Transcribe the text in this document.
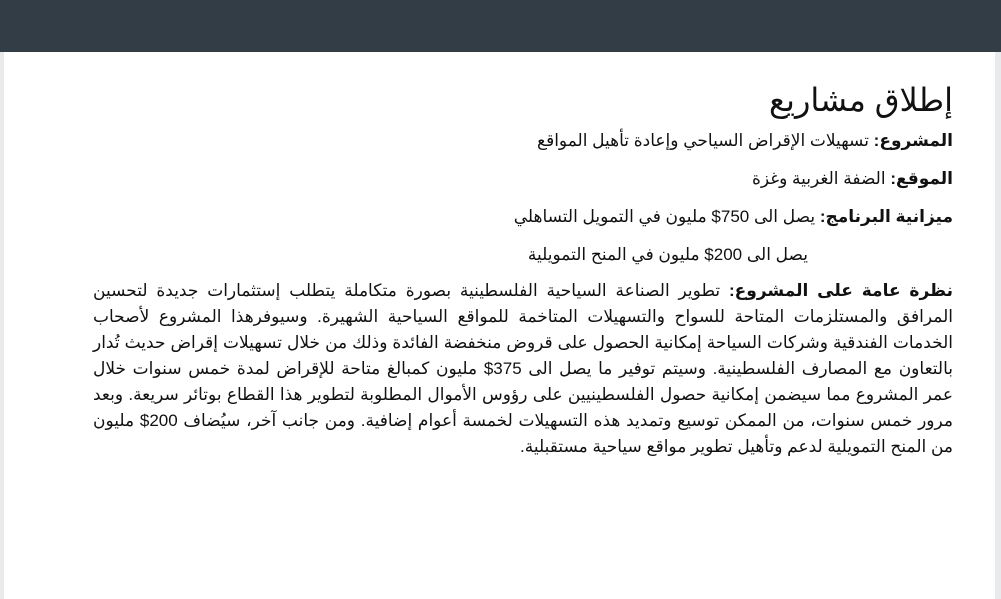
إطلاق مشاريع

المشروع: تسهيلات الإقراض السياحي وإعادة تأهيل المواقع

الموقع: الضفة الغربية وغزة

ميزانية البرنامج: يصل الى 750$ مليون في التمويل التساهلي

يصل الى 200$ مليون في المنح التمويلية

نظرة عامة على المشروع: تطوير الصناعة السياحية الفلسطينية بصورة متكاملة يتطلب إستثمارات جديدة لتحسين المرافق والمستلزمات المتاحة للسواح والتسهيلات المتاخمة للمواقع السياحية الشهيرة. وسيوفرهذا المشروع لأصحاب الخدمات الفندقية وشركات السياحة إمكانية الحصول على قروض منخفضة الفائدة وذلك من خلال تسهيلات إقراض حديث تُدار بالتعاون مع المصارف الفلسطينية. وسيتم توفير ما يصل الى 375$ مليون كمبالغ متاحة للإقراض لمدة خمس سنوات خلال عمر المشروع مما سيضمن إمكانية حصول الفلسطينيين على رؤوس الأموال المطلوبة لتطوير هذا القطاع بوتائر سريعة. وبعد مرور خمس سنوات، من الممكن توسيع وتمديد هذه التسهيلات لخمسة أعوام إضافية. ومن جانب آخر، سيُضاف 200$ مليون من المنح التمويلية لدعم وتأهيل تطوير مواقع سياحية مستقبلية.
